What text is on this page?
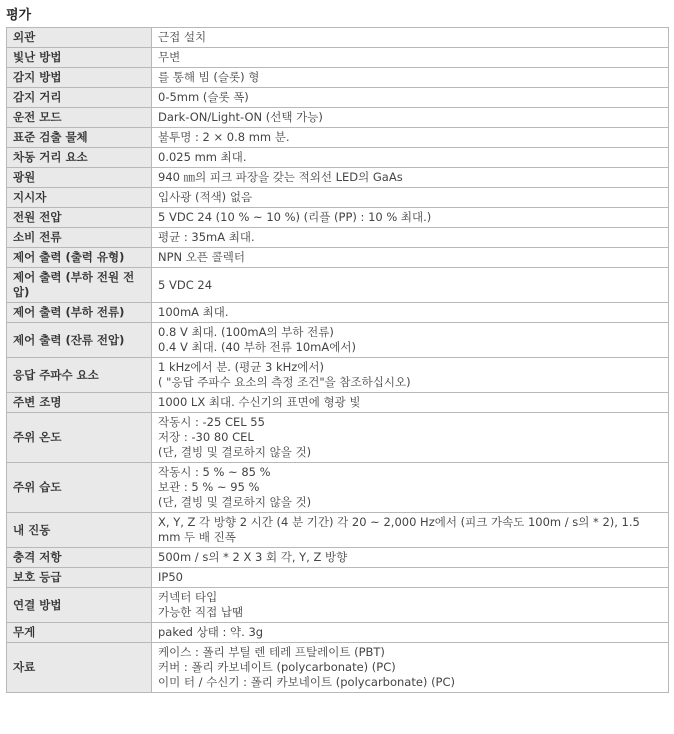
평가
외관	근접 설치

빛난 방법	무변

감지 방법	를 통해 빔 (슬롯) 형

감지 거리	0-5mm (슬롯 폭)

운전 모드	Dark-ON/Light-ON (선택 가능)

표준 검출 물체	불투명 : 2 × 0.8 mm 분.

차동 거리 요소	0.025 mm 최대.

광원	940 ㎚의 피크 파장을 갖는 적외선 LED의 GaAs

지시자	입사광 (적색) 없음

전원 전압	5 VDC 24 (10 % ~ 10 %) (리플 (PP) : 10 % 최대.)

소비 전류	평균 : 35mA 최대.

제어 출력 (출력 유형)	NPN 오픈 콜렉터

제어 출력 (부하 전원 전압)	5 VDC 24

제어 출력 (부하 전류)	100mA 최대.

제어 출력 (잔류 전압)	0.8 V 최대. (100mA의 부하 전류)
0.4 V 최대. (40 부하 전류 10mA에서)

응답 주파수 요소	1 kHz에서 분. (평균 3 kHz에서)
( "응답 주파수 요소의 측정 조건"을 참조하십시오)

주변 조명	1000 LX 최대. 수신기의 표면에 형광 빛

주위 온도	작동시 : -25 CEL 55
저장 : -30 80 CEL
(단, 결빙 및 결로하지 않을 것)

주위 습도	작동시 : 5 % ~ 85 %
보관 : 5 % ~ 95 %
(단, 결빙 및 결로하지 않을 것)

내 진동	X, Y, Z 각 방향 2 시간 (4 분 기간) 각 20 ~ 2,000 Hz에서 (피크 가속도 100m / s의 * 2), 1.5 mm 두 배 진폭

충격 저항	500m / s의 * 2 X 3 회 각, Y, Z 방향

보호 등급	IP50

연결 방법	커넥터 타입
가능한 직접 납땜

무게	paked 상태 : 약. 3g

자료	케이스 : 폴리 부틸 렌 테레 프탈레이트 (PBT)
커버 : 폴리 카보네이트 (polycarbonate) (PC)
이미 터 / 수신기 : 폴리 카보네이트 (polycarbonate) (PC)
